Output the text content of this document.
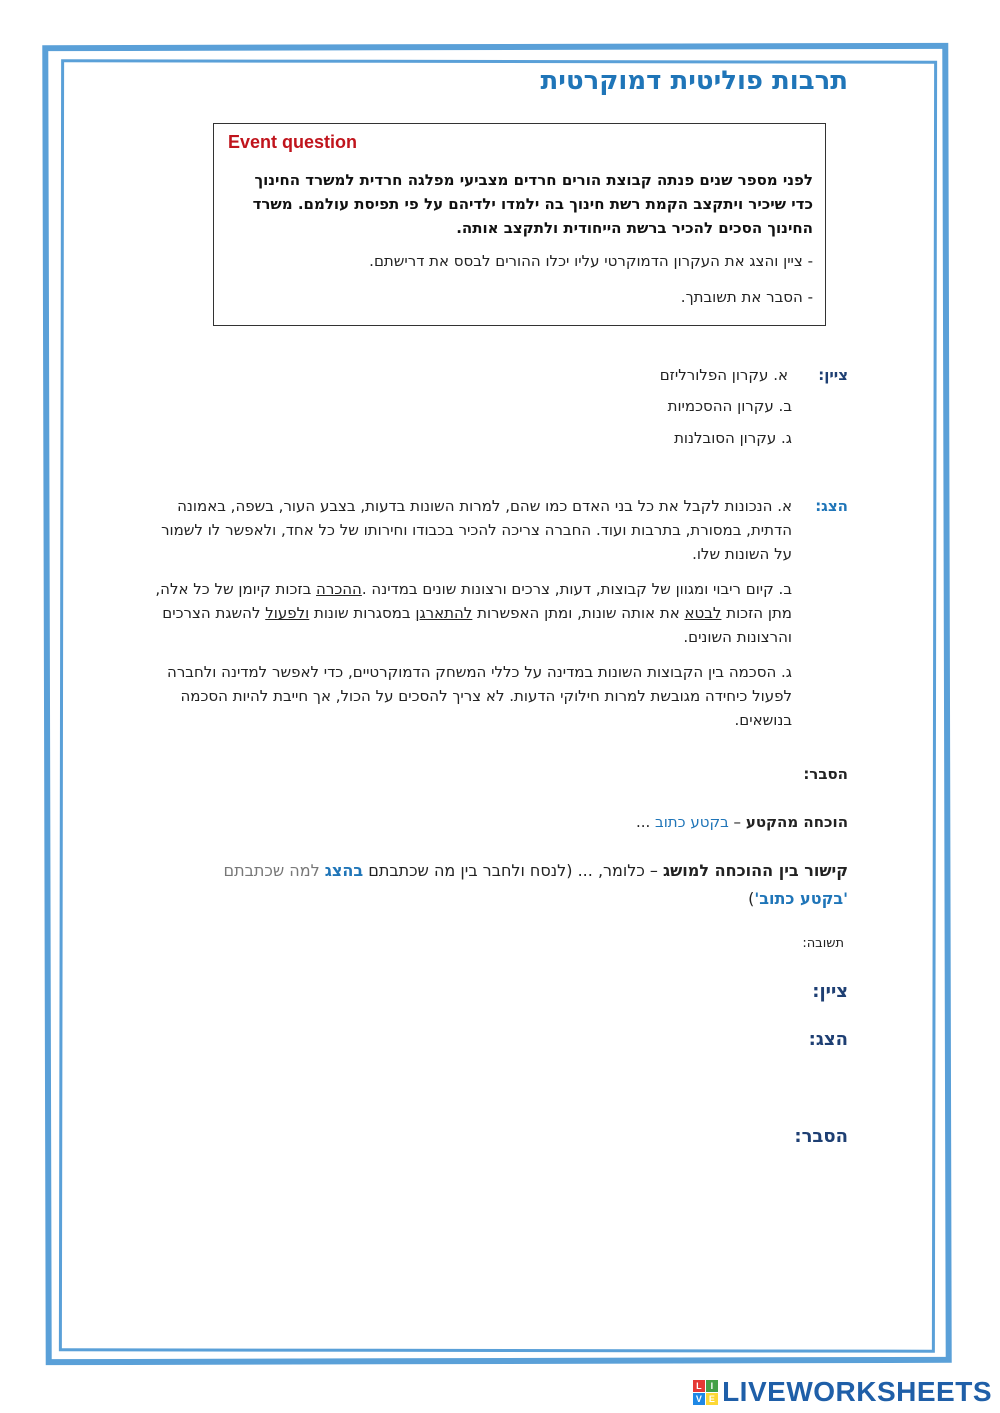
תרבות פוליטית דמוקרטית
Event question
לפני מספר שנים פנתה קבוצת הורים חרדים מצביעי מפלגה חרדית למשרד החינוך כדי שיכיר ויתקצב הקמת רשת חינוך בה ילמדו ילדיהם על פי תפיסת עולמם. משרד החינוך הסכים להכיר ברשת הייחודית ולתקצב אותה.
- ציין והצג את העקרון הדמוקרטי עליו יכלו ההורים לבסס את דרישתם.
- הסבר את תשובתך.
ציין:
א. עקרון הפלורליזם
ב. עקרון ההסכמיות
ג. עקרון הסובלנות
הצג:
א. הנכונות לקבל את כל בני האדם כמו שהם, למרות השונות בדעות, בצבע העור, בשפה, באמונה הדתית, במסורת, בתרבות ועוד. החברה צריכה להכיר בכבודו וחירותו של כל אחד, ולאפשר לו לשמור על השונות שלו.
ב. קיום ריבוי ומגוון של קבוצות, דעות, צרכים ורצונות שונים במדינה .ההכרה בזכות קיומן של כל אלה, מתן הזכות לבטא את אותה שונות, ומתן האפשרות להתארגן במסגרות שונות ולפעול להשגת הצרכים והרצונות השונים.
ג. הסכמה בין הקבוצות השונות במדינה על כללי המשחק הדמוקרטיים, כדי לאפשר למדינה ולחברה לפעול כיחידה מגובשת למרות חילוקי הדעות. לא צריך להסכים על הכול, אך חייבת להיות הסכמה בנושאים.
הסבר:
הוכחה מהקטע – בקטע כתוב ...
קישור בין ההוכחה למושג – כלומר, ... (לנסח ולחבר בין מה שכתבתם בהצג למה שכתבתם 'בקטע כתוב')
תשובה:
ציין:
הצג:
הסבר:
L I
V E LIVEWORKSHEETS
